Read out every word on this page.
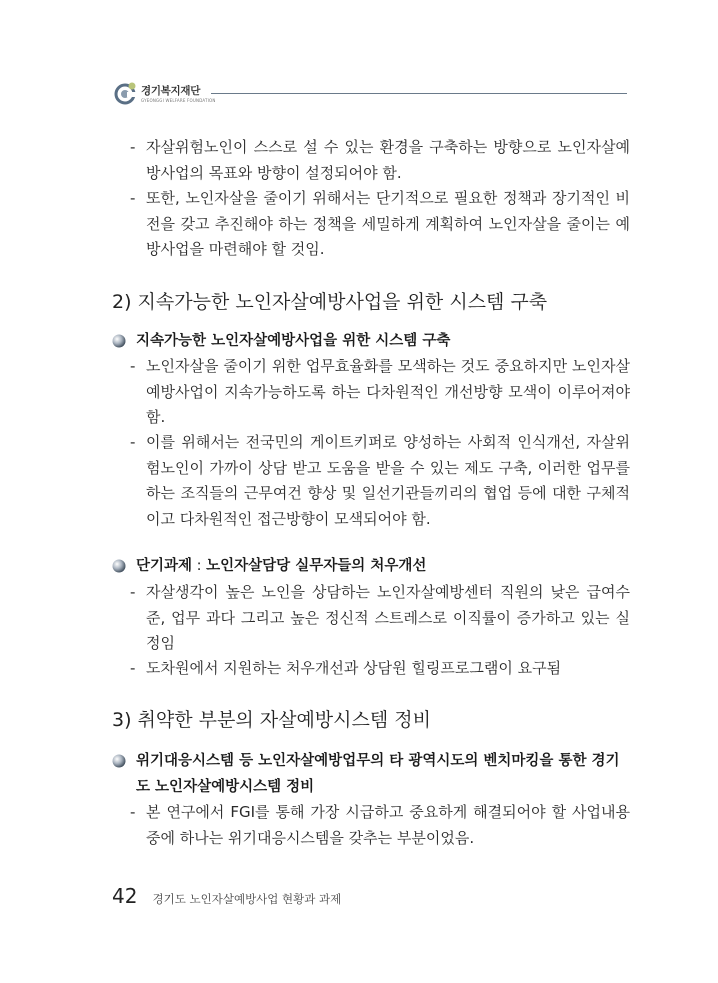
경기복지재단
GYEONGGI WELFARE FOUNDATION
- 자살위험노인이 스스로 설 수 있는 환경을 구축하는 방향으로 노인자살예방사업의 목표와 방향이 설정되어야 함.
- 또한, 노인자살을 줄이기 위해서는 단기적으로 필요한 정책과 장기적인 비전을 갖고 추진해야 하는 정책을 세밀하게 계획하여 노인자살을 줄이는 예방사업을 마련해야 할 것임.
2) 지속가능한 노인자살예방사업을 위한 시스템 구축
지속가능한 노인자살예방사업을 위한 시스템 구축
- 노인자살을 줄이기 위한 업무효율화를 모색하는 것도 중요하지만 노인자살예방사업이 지속가능하도록 하는 다차원적인 개선방향 모색이 이루어져야 함.
- 이를 위해서는 전국민의 게이트키퍼로 양성하는 사회적 인식개선, 자살위험노인이 가까이 상담 받고 도움을 받을 수 있는 제도 구축, 이러한 업무를 하는 조직들의 근무여건 향상 및 일선기관들끼리의 협업 등에 대한 구체적이고 다차원적인 접근방향이 모색되어야 함.
단기과제 : 노인자살담당 실무자들의 처우개선
- 자살생각이 높은 노인을 상담하는 노인자살예방센터 직원의 낮은 급여수준, 업무 과다 그리고 높은 정신적 스트레스로 이직률이 증가하고 있는 실정임
- 도차원에서 지원하는 처우개선과 상담원 힐링프로그램이 요구됨
3) 취약한 부분의 자살예방시스템 정비
위기대응시스템 등 노인자살예방업무의 타 광역시도의 벤치마킹을 통한 경기도 노인자살예방시스템 정비
- 본 연구에서 FGI를 통해 가장 시급하고 중요하게 해결되어야 할 사업내용 중에 하나는 위기대응시스템을 갖추는 부분이었음.
42 경기도 노인자살예방사업 현황과 과제
